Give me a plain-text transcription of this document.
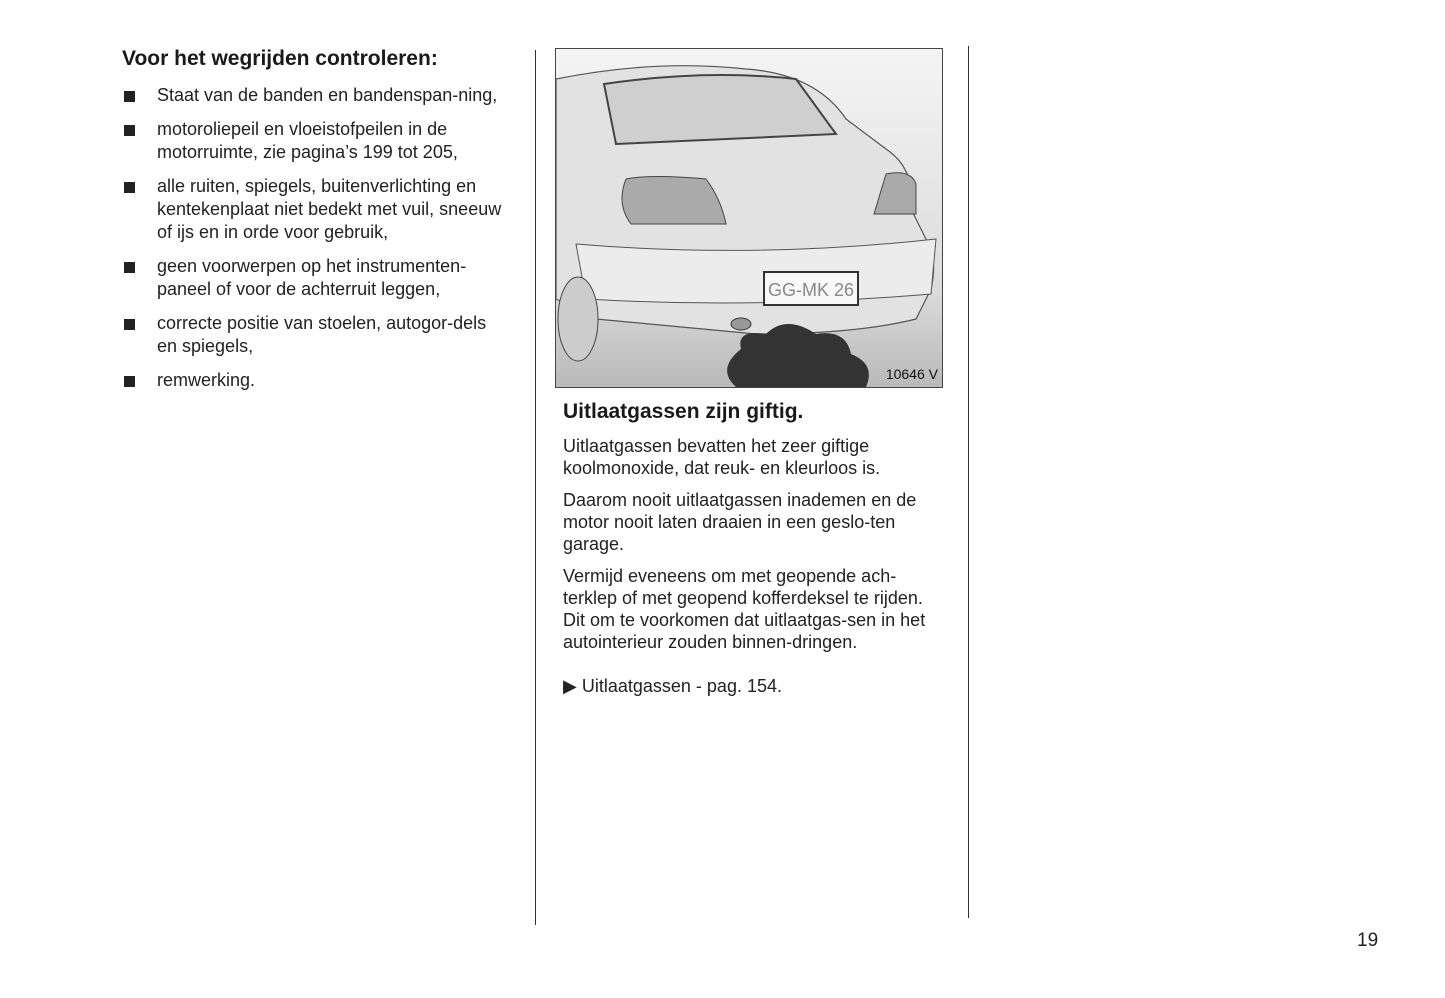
Voor het wegrijden controleren:
Staat van de banden en bandenspan-ning,
motoroliepeil en vloeistofpeilen in de motorruimte, zie pagina’s 199 tot 205,
alle ruiten, spiegels, buitenverlichting en kentekenplaat niet bedekt met vuil, sneeuw of ijs en in orde voor gebruik,
geen voorwerpen op het instrumenten-paneel of voor de achterruit leggen,
correcte positie van stoelen, autogor-dels en spiegels,
remwerking.
GG-MK 26
10646 V
Uitlaatgassen zijn giftig.

Uitlaatgassen bevatten het zeer giftige koolmonoxide, dat reuk- en kleurloos is.

Daarom nooit uitlaatgassen inademen en de motor nooit laten draaien in een geslo-ten garage.

Vermijd eveneens om met geopende ach-terklep of met geopend kofferdeksel te rijden. Dit om te voorkomen dat uitlaatgas-sen in het autointerieur zouden binnen-dringen.

▶ Uitlaatgassen - pag. 154.

19
